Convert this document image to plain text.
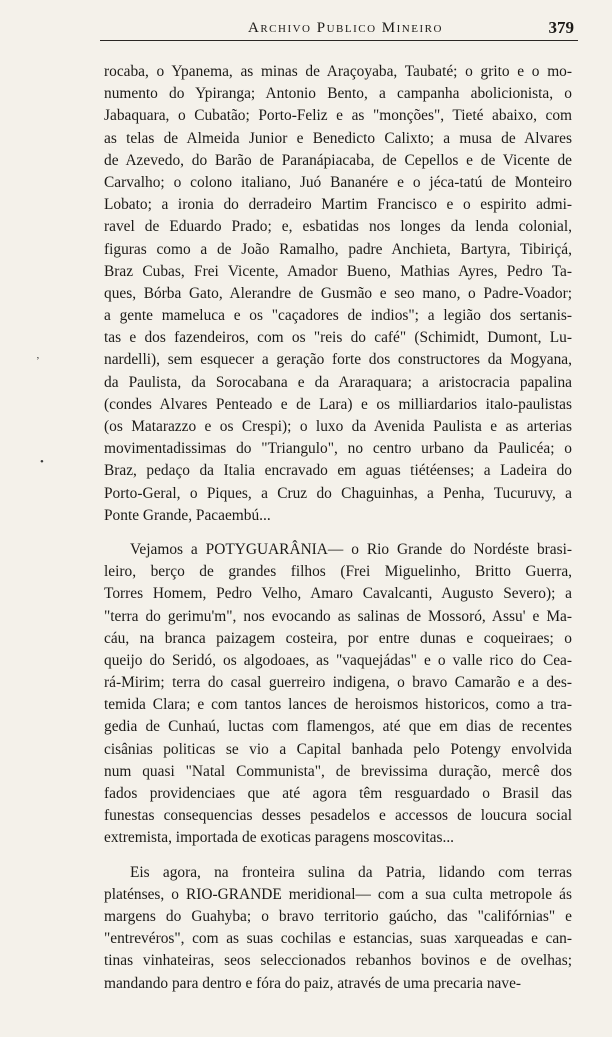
Archivo Publico Mineiro	379
’
•
rocaba, o Ypanema, as minas de Araçoyaba, Taubaté; o grito e o mo-
numento do Ypiranga; Antonio Bento, a campanha abolicionista, o
Jabaquara, o Cubatão; Porto-Feliz e as "monções", Tieté abaixo, com
as telas de Almeida Junior e Benedicto Calixto; a musa de Alvares
de Azevedo, do Barão de Paranápiacaba, de Cepellos e de Vicente de
Carvalho; o colono italiano, Juó Bananére e o jéca-tatú de Monteiro
Lobato; a ironia do derradeiro Martim Francisco e o espirito admi-
ravel de Eduardo Prado; e, esbatidas nos longes da lenda colonial,
figuras como a de João Ramalho, padre Anchieta, Bartyra, Tibiriçá,
Braz Cubas, Frei Vicente, Amador Bueno, Mathias Ayres, Pedro Ta-
ques, Bórba Gato, Alerandre de Gusmão e seo mano, o Padre-Voador;
a gente mameluca e os "caçadores de indios"; a legião dos sertanis-
tas e dos fazendeiros, com os "reis do café" (Schimidt, Dumont, Lu-
nardelli), sem esquecer a geração forte dos constructores da Mogyana,
da Paulista, da Sorocabana e da Araraquara; a aristocracia papalina
(condes Alvares Penteado e de Lara) e os milliardarios italo-paulistas
(os Matarazzo e os Crespi); o luxo da Avenida Paulista e as arterias
movimentadissimas do "Triangulo", no centro urbano da Paulicéa; o
Braz, pedaço da Italia encravado em aguas tiétéenses; a Ladeira do
Porto-Geral, o Piques, a Cruz do Chaguinhas, a Penha, Tucuruvy, a
Ponte Grande, Pacaembú...
Vejamos a POTYGUARÂNIA— o Rio Grande do Nordéste brasi-
leiro, berço de grandes filhos (Frei Miguelinho, Britto Guerra,
Torres Homem, Pedro Velho, Amaro Cavalcanti, Augusto Severo); a
"terra do gerimu'm", nos evocando as salinas de Mossoró, Assu' e Ma-
cáu, na branca paizagem costeira, por entre dunas e coqueiraes; o
queijo do Seridó, os algodoaes, as "vaquejádas" e o valle rico do Cea-
rá-Mirim; terra do casal guerreiro indigena, o bravo Camarão e a des-
temida Clara; e com tantos lances de heroismos historicos, como a tra-
gedia de Cunhaú, luctas com flamengos, até que em dias de recentes
cisânias politicas se vio a Capital banhada pelo Potengy envolvida
num quasi "Natal Communista", de brevissima duração, mercê dos
fados providenciaes que até agora têm resguardado o Brasil das
funestas consequencias desses pesadelos e accessos de loucura social
extremista, importada de exoticas paragens moscovitas...
Eis agora, na fronteira sulina da Patria, lidando com terras
platénses, o RIO-GRANDE meridional— com a sua culta metropole ás
margens do Guahyba; o bravo territorio gaúcho, das "califórnias" e
"entrevéros", com as suas cochilas e estancias, suas xarqueadas e can-
tinas vinhateiras, seos seleccionados rebanhos bovinos e de ovelhas;
mandando para dentro e fóra do paiz, através de uma precaria nave-
